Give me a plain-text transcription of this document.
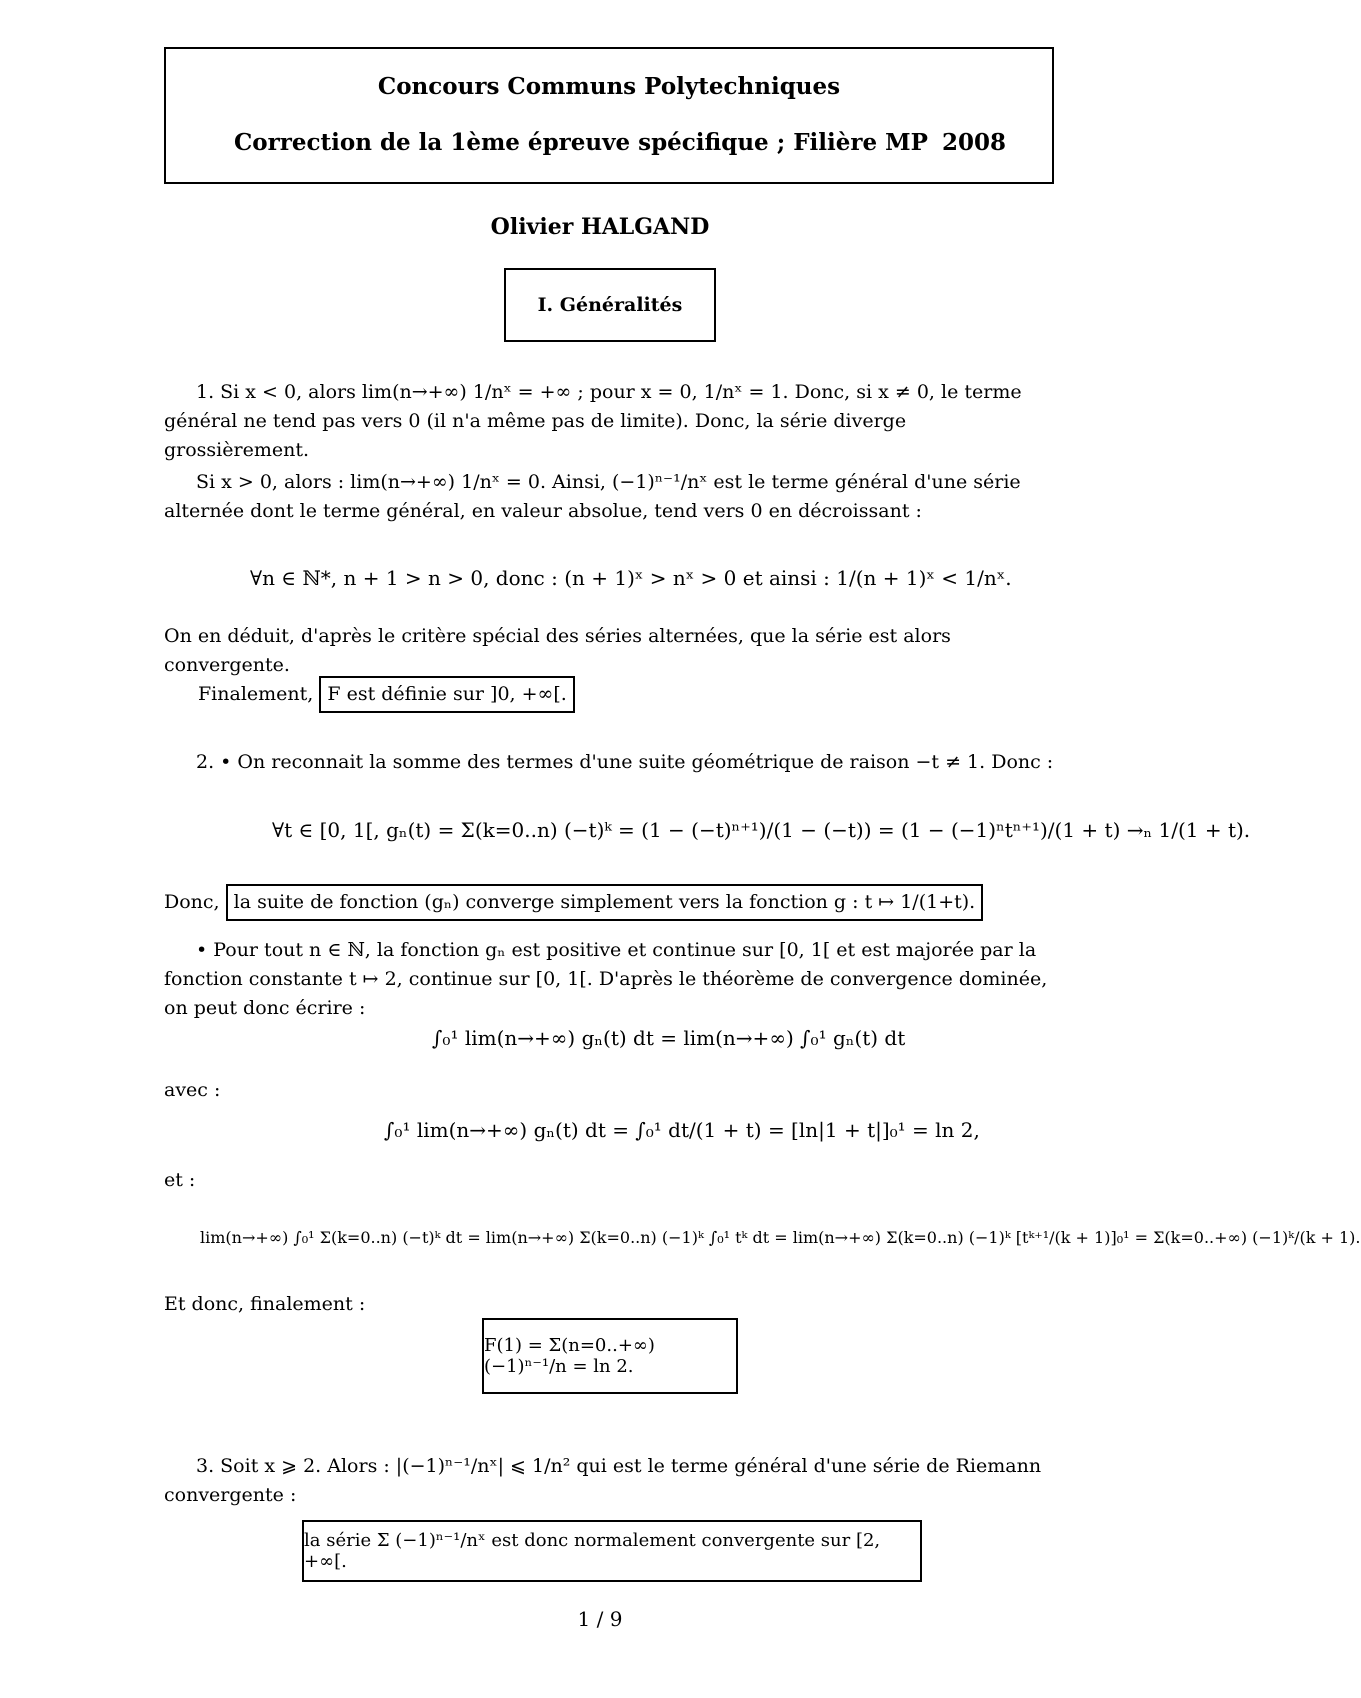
Concours Communs Polytechniques
Correction de la 1ème épreuve spécifique ; Filière MP 2008
Olivier HALGAND
I. Généralités
1. Si x < 0, alors lim(n→+∞) 1/nˣ = +∞ ; pour x = 0, 1/nˣ = 1. Donc, si x ≠ 0, le terme général ne tend pas vers 0 (il n'a même pas de limite). Donc, la série diverge grossièrement.
Si x > 0, alors : lim(n→+∞) 1/nˣ = 0. Ainsi, (−1)ⁿ⁻¹/nˣ est le terme général d'une série alternée dont le terme général, en valeur absolue, tend vers 0 en décroissant :
∀n ∈ ℕ*, n + 1 > n > 0, donc : (n + 1)ˣ > nˣ > 0 et ainsi : 1/(n + 1)ˣ < 1/nˣ.
On en déduit, d'après le critère spécial des séries alternées, que la série est alors convergente.
Finalement, F est définie sur ]0, +∞[.
2. • On reconnait la somme des termes d'une suite géométrique de raison −t ≠ 1. Donc :
∀t ∈ [0, 1[, gₙ(t) = Σ(k=0..n) (−t)ᵏ = (1 − (−t)ⁿ⁺¹)/(1 − (−t)) = (1 − (−1)ⁿtⁿ⁺¹)/(1 + t) →ₙ 1/(1 + t).
Donc, la suite de fonction (gₙ) converge simplement vers la fonction g : t ↦ 1/(1+t).
• Pour tout n ∈ ℕ, la fonction gₙ est positive et continue sur [0, 1[ et est majorée par la fonction constante t ↦ 2, continue sur [0, 1[. D'après le théorème de convergence dominée, on peut donc écrire :
∫₀¹ lim(n→+∞) gₙ(t) dt = lim(n→+∞) ∫₀¹ gₙ(t) dt
avec :
∫₀¹ lim(n→+∞) gₙ(t) dt = ∫₀¹ dt/(1 + t) = [ln|1 + t|]₀¹ = ln 2,
et :
lim(n→+∞) ∫₀¹ Σ(k=0..n) (−t)ᵏ dt = lim(n→+∞) Σ(k=0..n) (−1)ᵏ ∫₀¹ tᵏ dt = lim(n→+∞) Σ(k=0..n) (−1)ᵏ [tᵏ⁺¹/(k + 1)]₀¹ = Σ(k=0..+∞) (−1)ᵏ/(k + 1).
Et donc, finalement :
F(1) = Σ(n=0..+∞) (−1)ⁿ⁻¹/n = ln 2.
3. Soit x ⩾ 2. Alors : |(−1)ⁿ⁻¹/nˣ| ⩽ 1/n² qui est le terme général d'une série de Riemann convergente :
la série Σ (−1)ⁿ⁻¹/nˣ est donc normalement convergente sur [2, +∞[.
1 / 9
